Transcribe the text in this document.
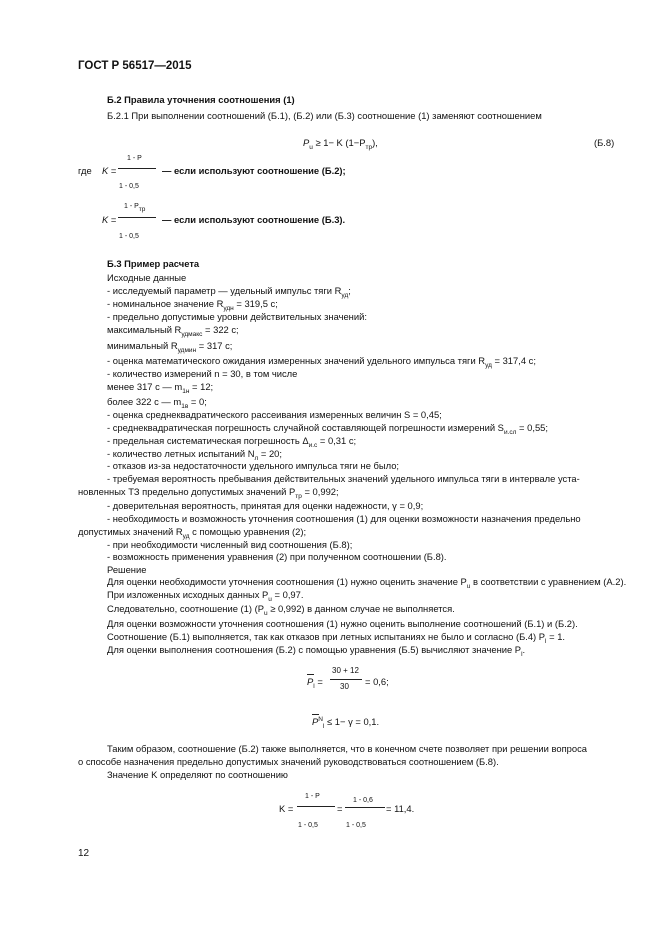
ГОСТ Р 56517—2015
Б.2 Правила уточнения соотношения (1)
Б.2.1 При выполнении соотношений (Б.1), (Б.2) или (Б.3) соотношение (1) заменяют соотношением
$P_u \ge 1- K$ $(1-P_{тр})$,	(Б.8)
где K =
1 - P
1 - 0,5
— если используют соотношение (Б.2);
K =
$1 - P_{тр}$
1 - 0,5
— если используют соотношение (Б.3).
Б.3 Пример расчета
Исходные данные
- исследуемый параметр — удельный импульс тяги $R_{уд}$;
- номинальное значение $R_{удн} = 319,5$ с;
- предельно допустимые уровни действительных значений:
максимальный $R_{удмакс} = 322$ с;
минимальный $R_{удмин} = 317$ с;
- оценка математического ожидания измеренных значений удельного импульса тяги $R_{уд} = 317,4$ с;
- количество измерений n = 30, в том числе
менее 317 с — $m_{1н} = 12$;
более 322 с — $m_{1в} = 0$;
- оценка среднеквадратического рассеивания измеренных величин S = 0,45;
- среднеквадратическая погрешность случайной составляющей погрешности измерений $S_{и.сл} = 0,55$;
- предельная систематическая погрешность $\Delta_{и.с} = 0,31$ с;
- количество летных испытаний $N_л = 20$;
- отказов из-за недостаточности удельного импульса тяги не было;
- требуемая вероятность пребывания действительных значений удельного импульса тяги в интервале уста-
новленных ТЗ предельно допустимых значений $P_{тр} = 0,992$;
- доверительная вероятность, принятая для оценки надежности, γ = 0,9;
- необходимость и возможность уточнения соотношения (1) для оценки возможности назначения предельно
допустимых значений $R_{уд}$ с помощью уравнения (2);
- при необходимости численный вид соотношения (Б.8);
- возможность применения уравнения (2) при полученном соотношении (Б.8).
Решение
Для оценки необходимости уточнения соотношения (1) нужно оценить значение $P_u$ в соответствии с уравнением (А.2).
При изложенных исходных данных $P_u = 0,97$.
Следовательно, соотношение (1) $(P_u \ge 0,992)$ в данном случае не выполняется.
Для оценки возможности уточнения соотношения (1) нужно оценить выполнение соотношений (Б.1) и (Б.2).
Соотношение (Б.1) выполняется, так как отказов при летных испытаниях не было и согласно (Б.4) $P_l = 1$.
Для оценки выполнения соотношения (Б.2) с помощью уравнения (Б.5) вычисляют значение $P_l$.
$P_l$ =
30 + 12
30 = 0,6;
$P^N_l \le 1- \gamma = 0,1$.
Таким образом, соотношение (Б.2) также выполняется, что в конечном счете позволяет при решении вопроса
о способе назначения предельно допустимых значений руководствоваться соотношением (Б.8).
Значение K определяют по соотношению
K =
1 - P
1 - 0,5
=
1 - 0,6
1 - 0,5
= 11,4.
12
